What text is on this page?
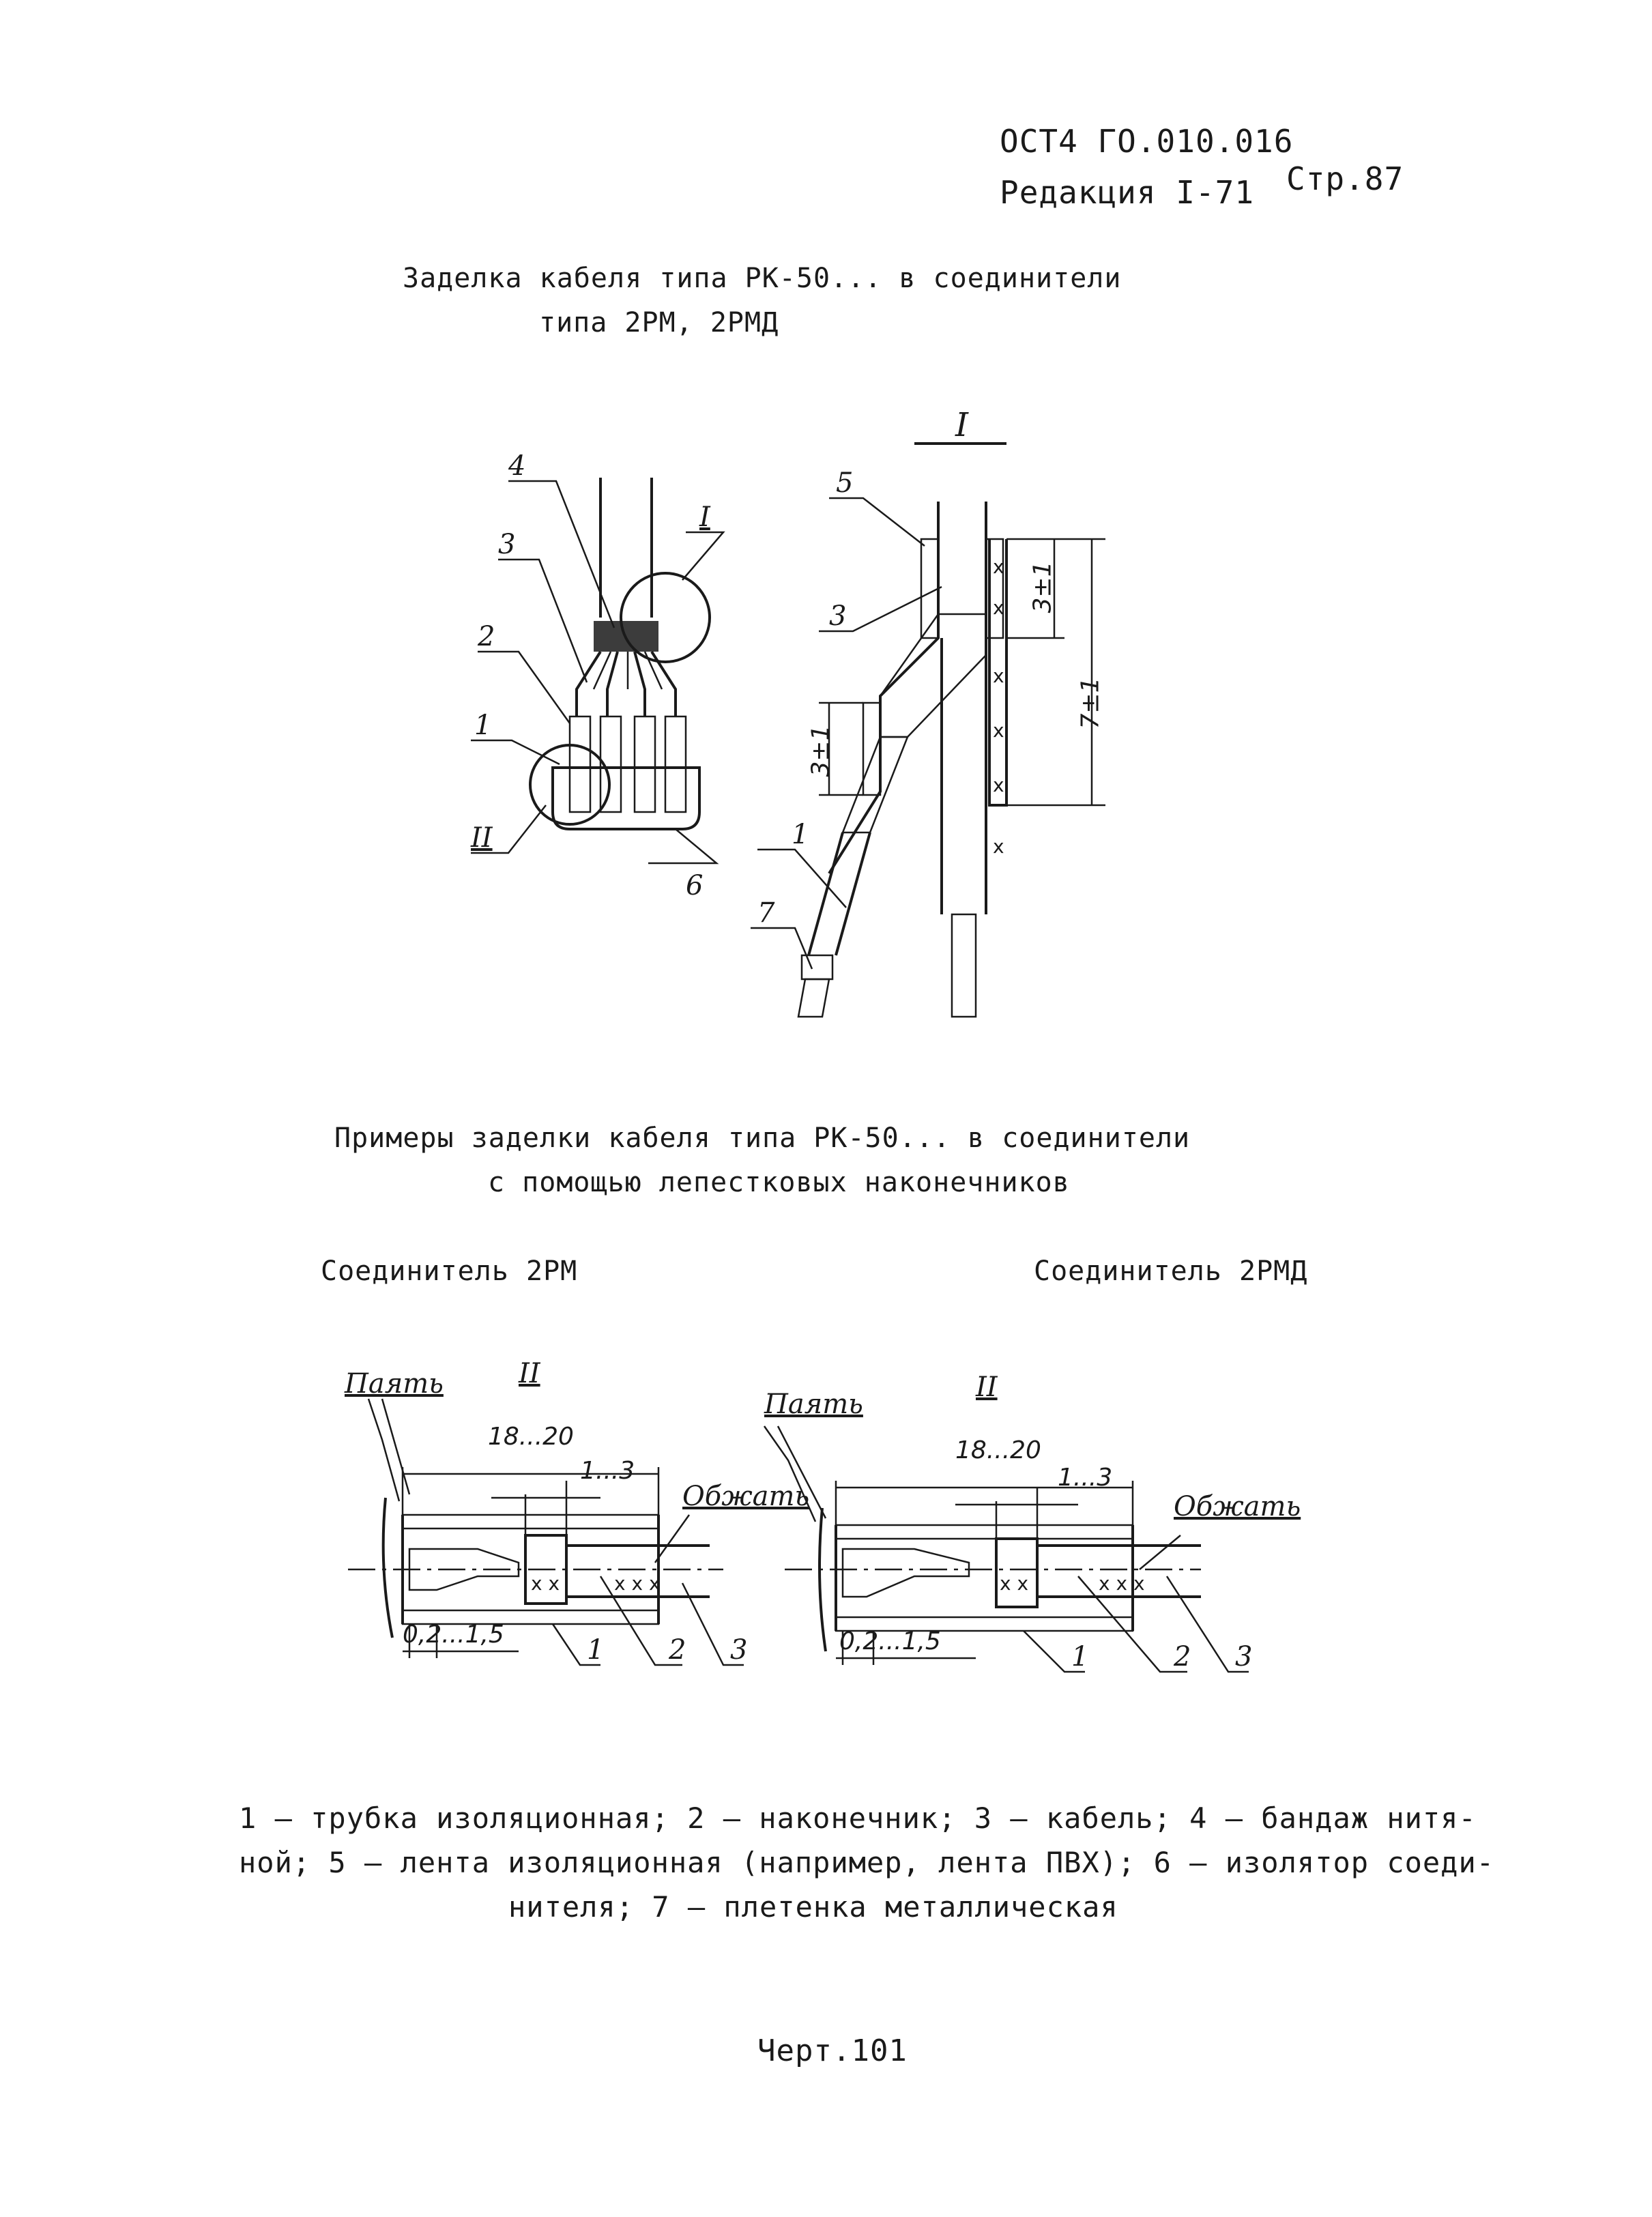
ОСТ4 ГО.010.016
Редакция I-71 Стр.87
Заделка кабеля типа РК-50... в соединители
типа 2РМ, 2РМД
x
x
x
x
x
x
x x	x x x	x x	x x x
4
3
2
1
II
I
6
I
5
3
1
7
3±1
7±1
3±1
Примеры заделки кабеля типа РК-50... в соединители
с помощью лепестковых наконечников
Соединитель 2РМ	Соединитель 2РМД
Паять	II
18...20
1...3
Обжать
0,2...1,5	1 2 3
Паять
II
18...20
1...3
Обжать
0,2...1,5	1	2 3
1 – трубка изоляционная; 2 – наконечник; 3 – кабель; 4 – бандаж нитя-
ной; 5 – лента изоляционная (например, лента ПВХ); 6 – изолятор соеди-
нителя; 7 – плетенка металлическая
Черт.101
